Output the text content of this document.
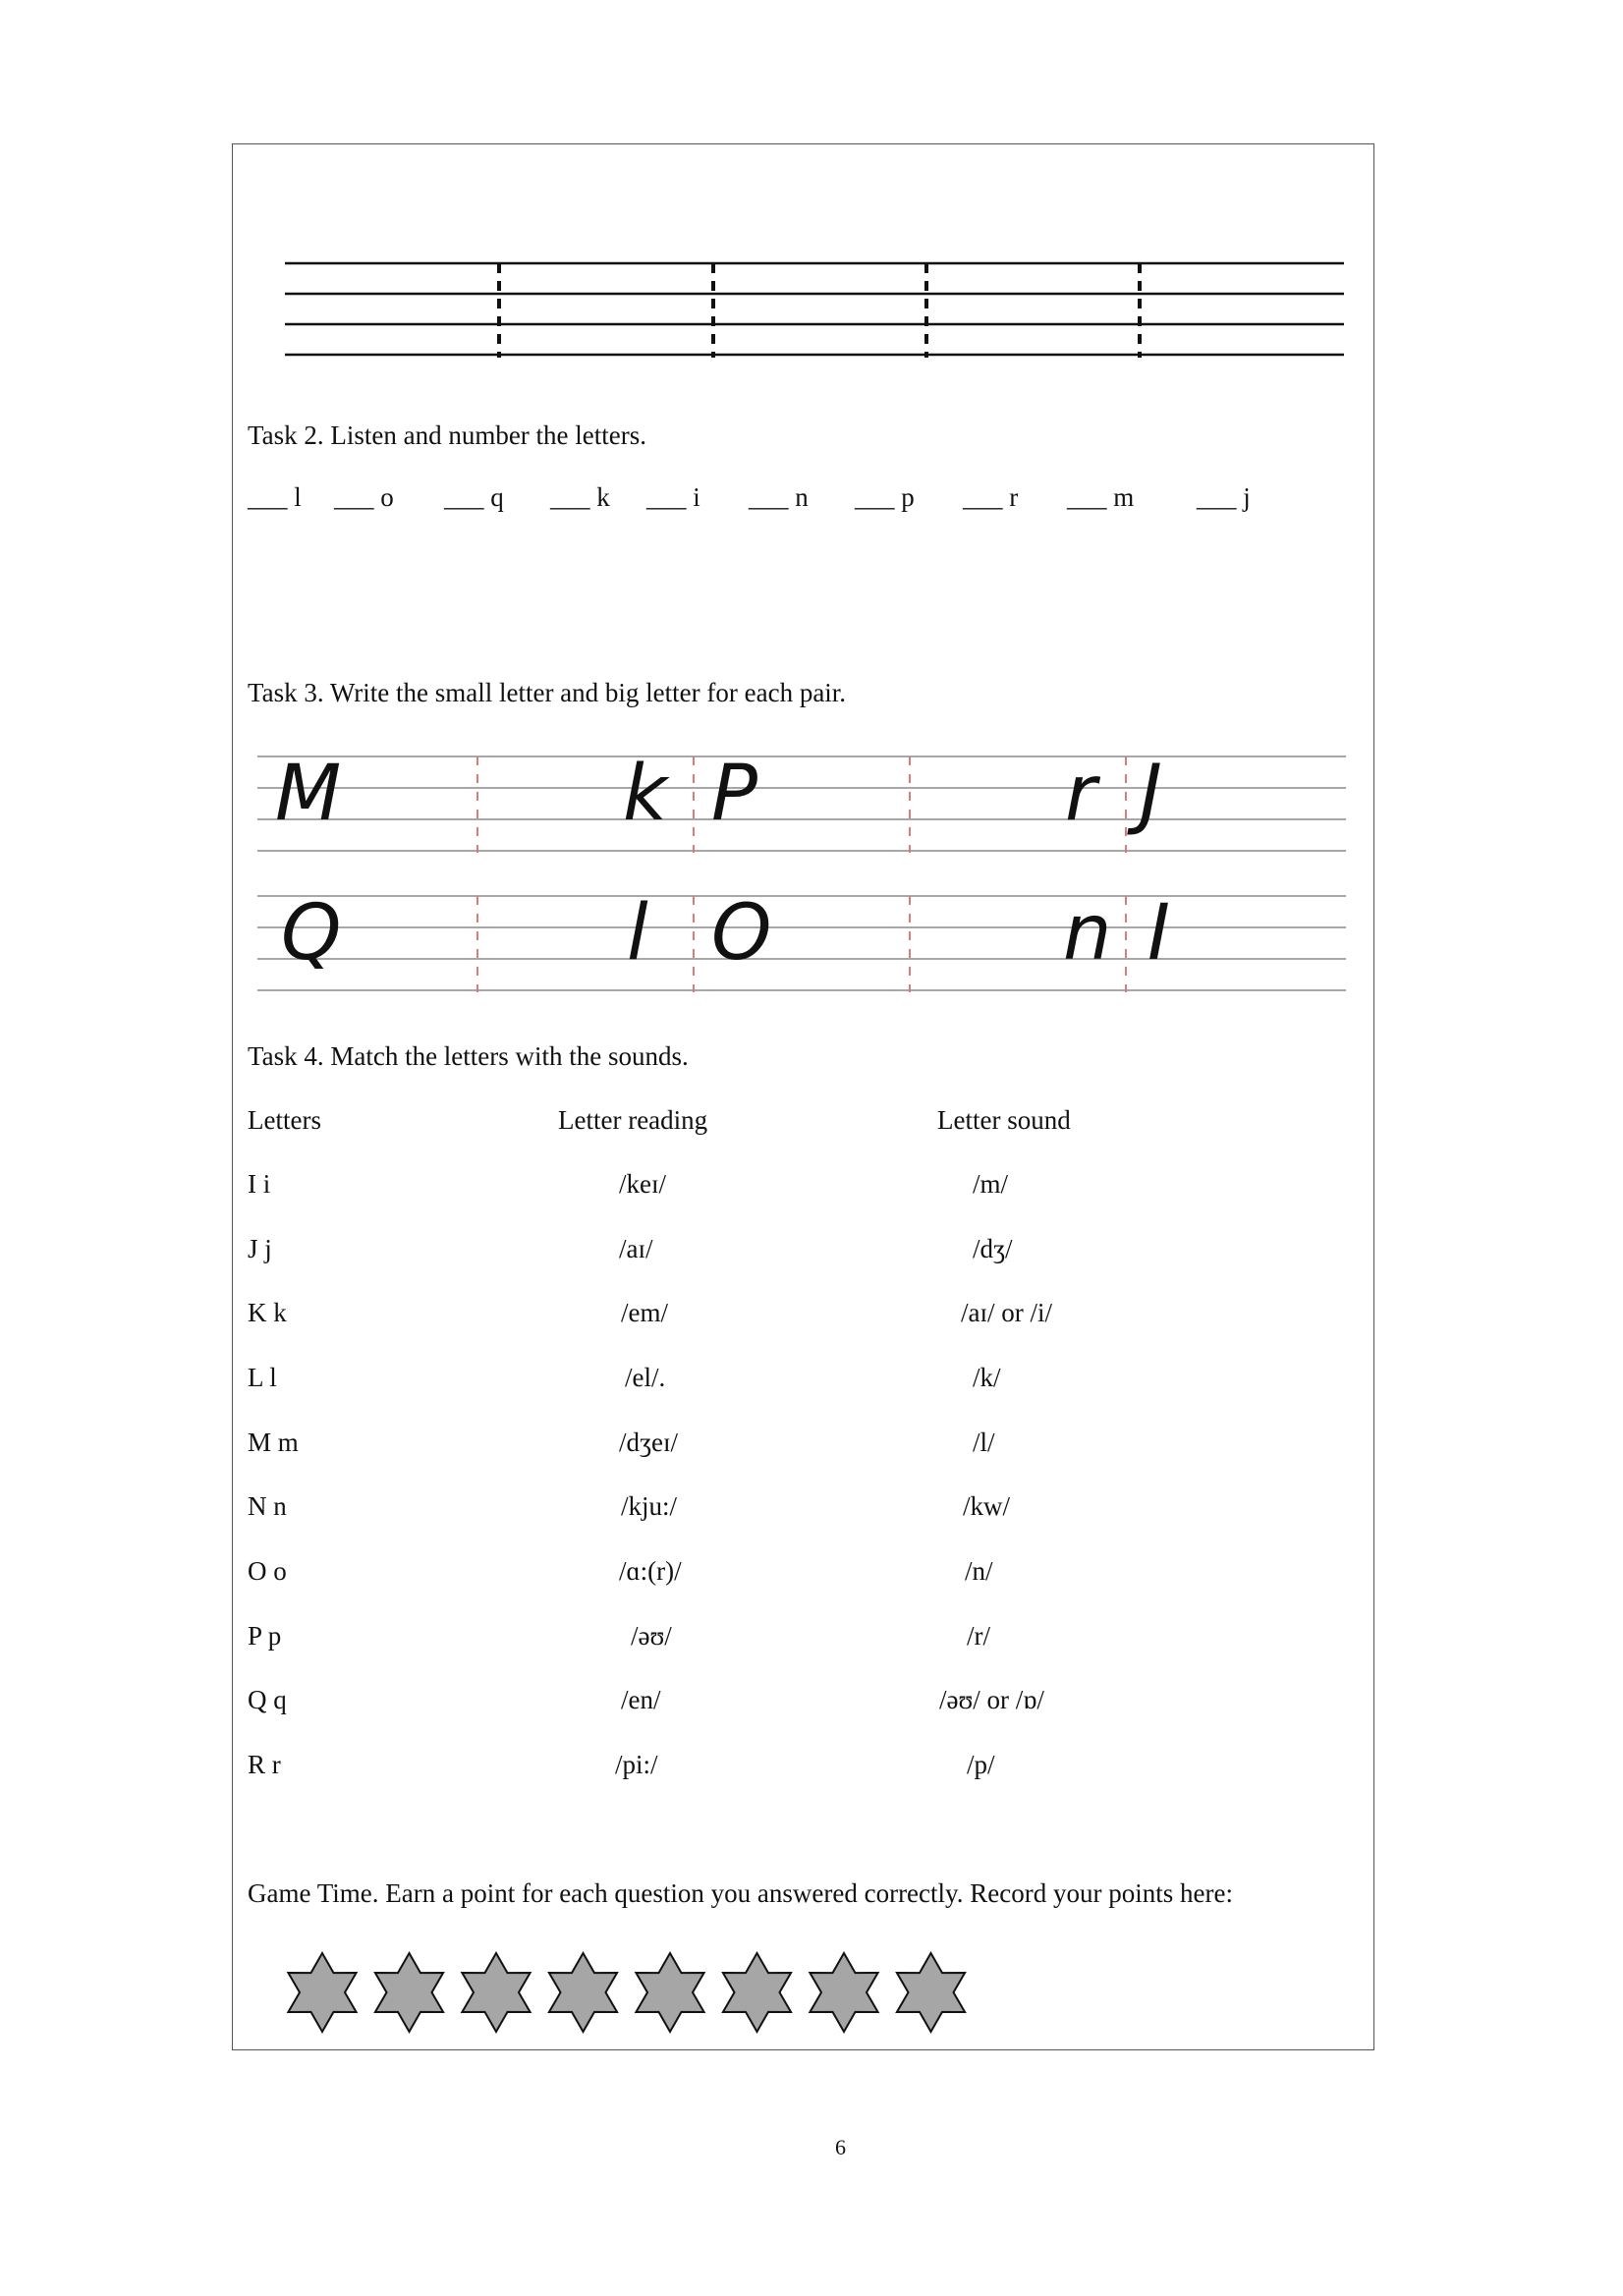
Task 2. Listen and number the letters.
___ l ___ o ___ q ___ k ___ i ___ n ___ p ___ r ___ m ___ j
Task 3. Write the small letter and big letter for each pair.
M	k P	r J
Q	l O	n I
Task 4. Match the letters with the sounds.
Letters	Letter reading	Letter sound
I i	/keɪ/	/m/
J j	/aɪ/	/dʒ/
K k	/em/	/aɪ/ or /i/
L l	/el/.	/k/
M m	/dʒeɪ/	/l/
N n	/kju:/	/kw/
O o	/ɑ:(r)/	/n/
P p	/əʊ/	/r/
Q q	/en/	/əʊ/ or /ɒ/
R r	/pi:/	/p/
Game Time. Earn a point for each question you answered correctly. Record your points here:
6
